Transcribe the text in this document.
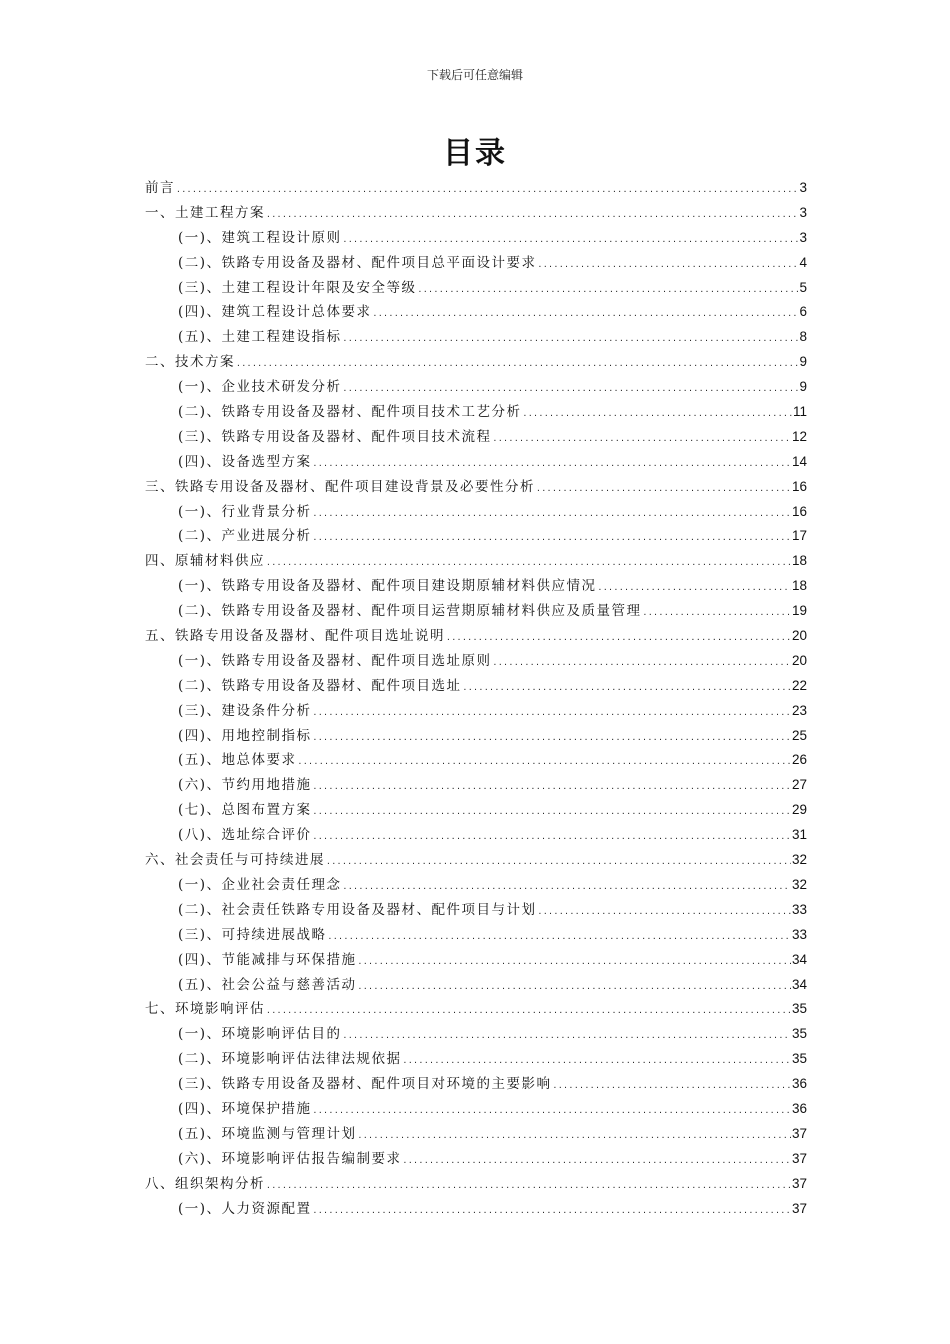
下载后可任意编辑
目录
前言 .....	3
一、土建工程方案 .....	3
(一)、建筑工程设计原则 .....	3
(二)、铁路专用设备及器材、配件项目总平面设计要求 .....	4
(三)、土建工程设计年限及安全等级 .....	5
(四)、建筑工程设计总体要求 .....	6
(五)、土建工程建设指标 .....	8
二、技术方案 .....	9
(一)、企业技术研发分析 .....	9
(二)、铁路专用设备及器材、配件项目技术工艺分析 .....	11
(三)、铁路专用设备及器材、配件项目技术流程 .....	12
(四)、设备选型方案 .....	14
三、铁路专用设备及器材、配件项目建设背景及必要性分析 .....	16
(一)、行业背景分析 .....	16
(二)、产业进展分析 .....	17
四、原辅材料供应 .....	18
(一)、铁路专用设备及器材、配件项目建设期原辅材料供应情况 .....	18
(二)、铁路专用设备及器材、配件项目运营期原辅材料供应及质量管理 .....	19
五、铁路专用设备及器材、配件项目选址说明 .....	20
(一)、铁路专用设备及器材、配件项目选址原则 .....	20
(二)、铁路专用设备及器材、配件项目选址 .....	22
(三)、建设条件分析 .....	23
(四)、用地控制指标 .....	25
(五)、地总体要求 .....	26
(六)、节约用地措施 .....	27
(七)、总图布置方案 .....	29
(八)、选址综合评价 .....	31
六、社会责任与可持续进展 .....	32
(一)、企业社会责任理念 .....	32
(二)、社会责任铁路专用设备及器材、配件项目与计划 .....	33
(三)、可持续进展战略 .....	33
(四)、节能减排与环保措施 .....	34
(五)、社会公益与慈善活动 .....	34
七、环境影响评估 .....	35
(一)、环境影响评估目的 .....	35
(二)、环境影响评估法律法规依据 .....	35
(三)、铁路专用设备及器材、配件项目对环境的主要影响 .....	36
(四)、环境保护措施 .....	36
(五)、环境监测与管理计划 .....	37
(六)、环境影响评估报告编制要求 .....	37
八、组织架构分析 .....	37
(一)、人力资源配置 .....	37
